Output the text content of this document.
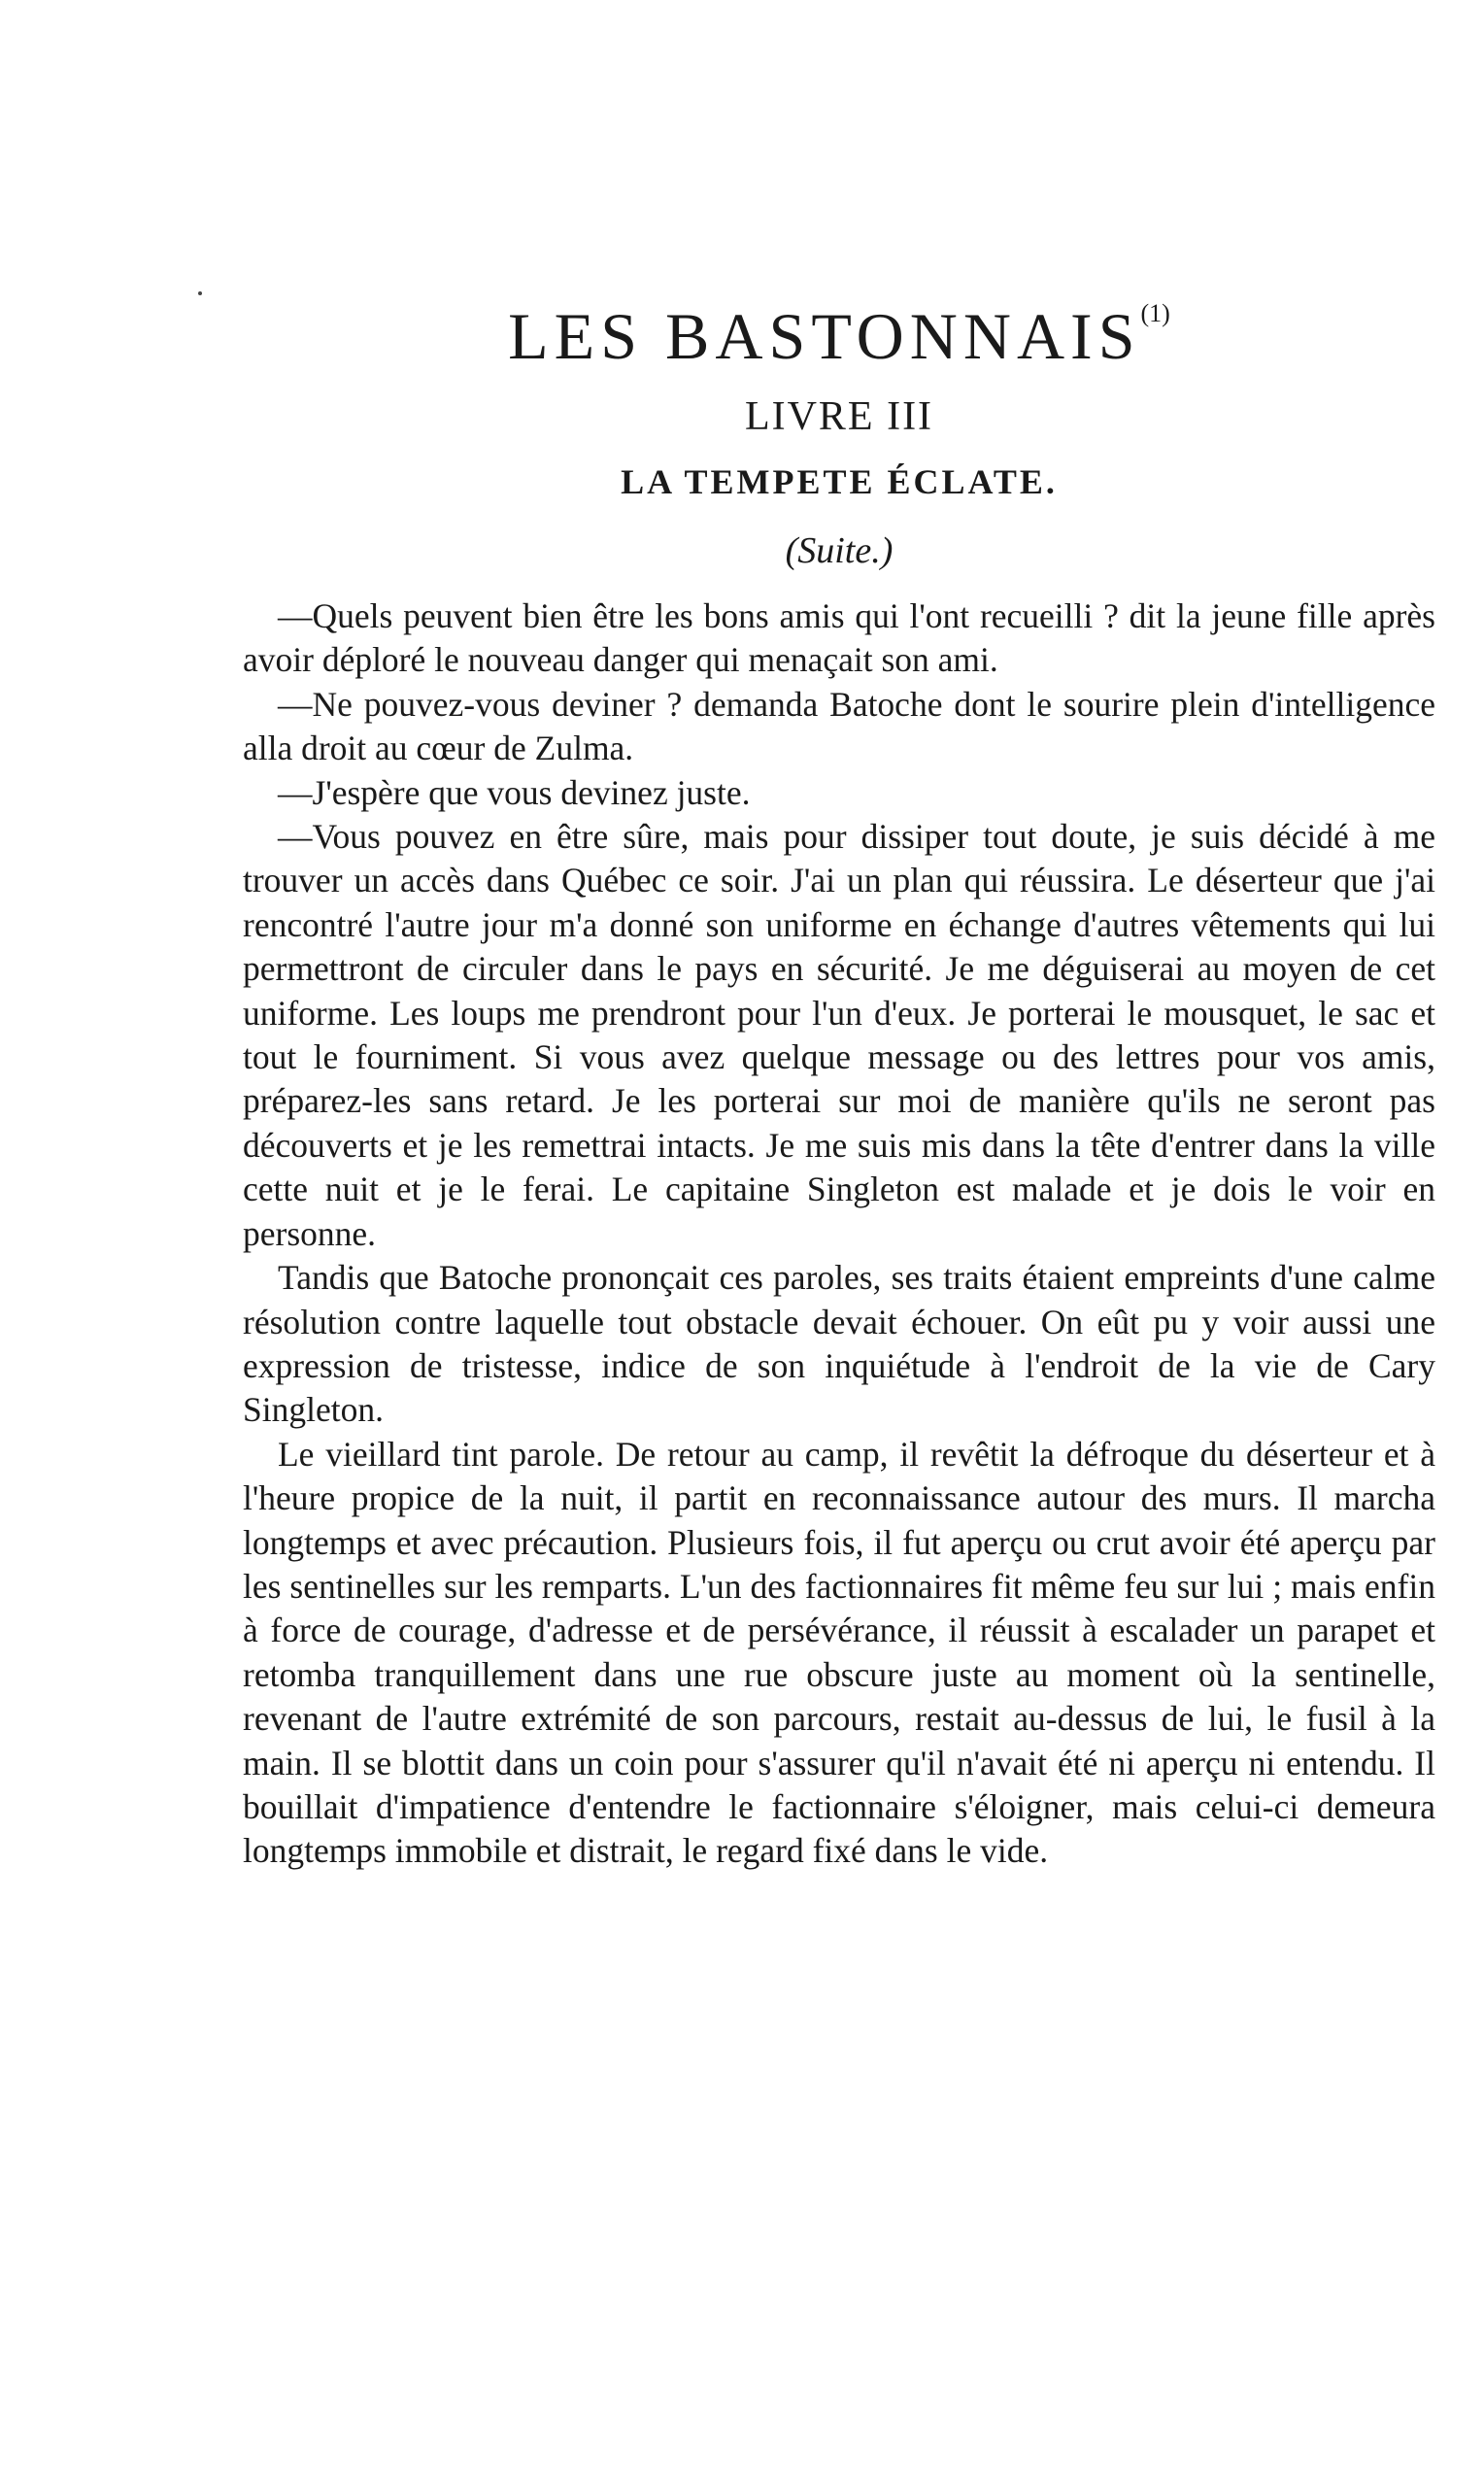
LES BASTONNAIS$^{(1)}$
LIVRE III
LA TEMPETE ÉCLATE.
(Suite.)

—Quels peuvent bien être les bons amis qui l'ont recueilli ? dit la jeune fille après avoir déploré le nouveau danger qui menaçait son ami.

—Ne pouvez-vous deviner ? demanda Batoche dont le sourire plein d'intelligence alla droit au cœur de Zulma.

—J'espère que vous devinez juste.

—Vous pouvez en être sûre, mais pour dissiper tout doute, je suis décidé à me trouver un accès dans Québec ce soir. J'ai un plan qui réussira. Le déserteur que j'ai rencontré l'autre jour m'a donné son uniforme en échange d'autres vêtements qui lui permettront de circuler dans le pays en sécurité. Je me déguiserai au moyen de cet uniforme. Les loups me prendront pour l'un d'eux. Je porterai le mousquet, le sac et tout le fourniment. Si vous avez quelque message ou des lettres pour vos amis, préparez-les sans retard. Je les porterai sur moi de manière qu'ils ne seront pas découverts et je les remettrai intacts. Je me suis mis dans la tête d'entrer dans la ville cette nuit et je le ferai. Le capitaine Singleton est malade et je dois le voir en personne.

Tandis que Batoche prononçait ces paroles, ses traits étaient empreints d'une calme résolution contre laquelle tout obstacle devait échouer. On eût pu y voir aussi une expression de tristesse, indice de son inquiétude à l'endroit de la vie de Cary Singleton.

Le vieillard tint parole. De retour au camp, il revêtit la défroque du déserteur et à l'heure propice de la nuit, il partit en reconnaissance autour des murs. Il marcha longtemps et avec précaution. Plusieurs fois, il fut aperçu ou crut avoir été aperçu par les sentinelles sur les remparts. L'un des factionnaires fit même feu sur lui ; mais enfin à force de courage, d'adresse et de persévérance, il réussit à escalader un parapet et retomba tranquillement dans une rue obscure juste au moment où la sentinelle, revenant de l'autre extrémité de son parcours, restait au-dessus de lui, le fusil à la main. Il se blottit dans un coin pour s'assurer qu'il n'avait été ni aperçu ni entendu. Il bouillait d'impatience d'entendre le factionnaire s'éloigner, mais celui-ci demeura longtemps immobile et distrait, le regard fixé dans le vide.
